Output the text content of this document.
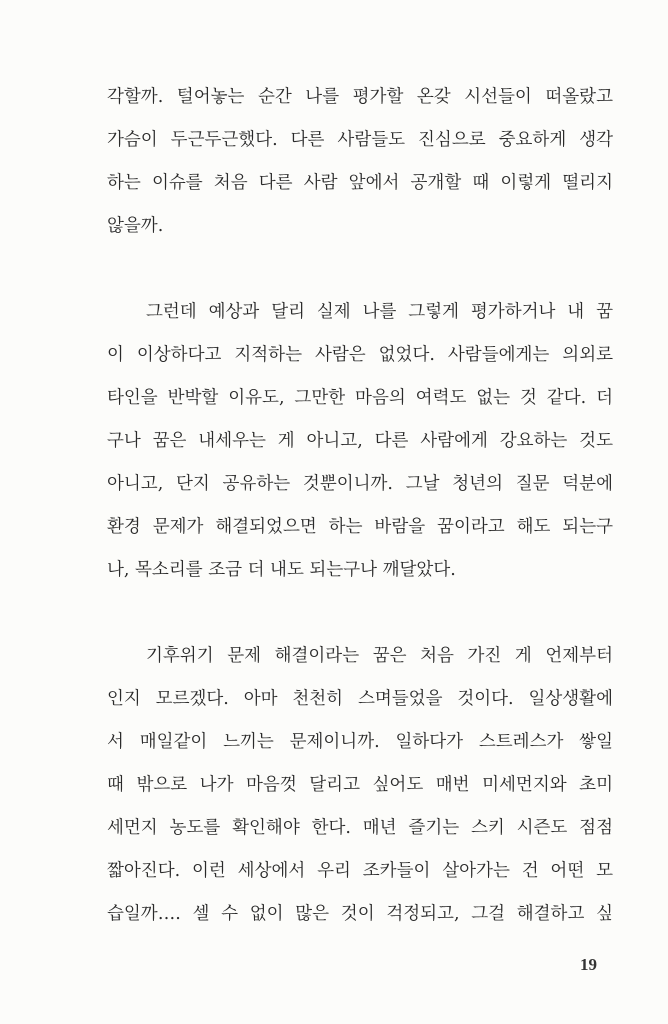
각할까. 털어놓는 순간 나를 평가할 온갖 시선들이 떠올랐고
가슴이 두근두근했다. 다른 사람들도 진심으로 중요하게 생각
하는 이슈를 처음 다른 사람 앞에서 공개할 때 이렇게 떨리지
않을까.
그런데 예상과 달리 실제 나를 그렇게 평가하거나 내 꿈
이 이상하다고 지적하는 사람은 없었다. 사람들에게는 의외로
타인을 반박할 이유도, 그만한 마음의 여력도 없는 것 같다. 더
구나 꿈은 내세우는 게 아니고, 다른 사람에게 강요하는 것도
아니고, 단지 공유하는 것뿐이니까. 그날 청년의 질문 덕분에
환경 문제가 해결되었으면 하는 바람을 꿈이라고 해도 되는구
나, 목소리를 조금 더 내도 되는구나 깨달았다.
기후위기 문제 해결이라는 꿈은 처음 가진 게 언제부터
인지 모르겠다. 아마 천천히 스며들었을 것이다. 일상생활에
서 매일같이 느끼는 문제이니까. 일하다가 스트레스가 쌓일
때 밖으로 나가 마음껏 달리고 싶어도 매번 미세먼지와 초미
세먼지 농도를 확인해야 한다. 매년 즐기는 스키 시즌도 점점
짧아진다. 이런 세상에서 우리 조카들이 살아가는 건 어떤 모
습일까…. 셀 수 없이 많은 것이 걱정되고, 그걸 해결하고 싶
19
